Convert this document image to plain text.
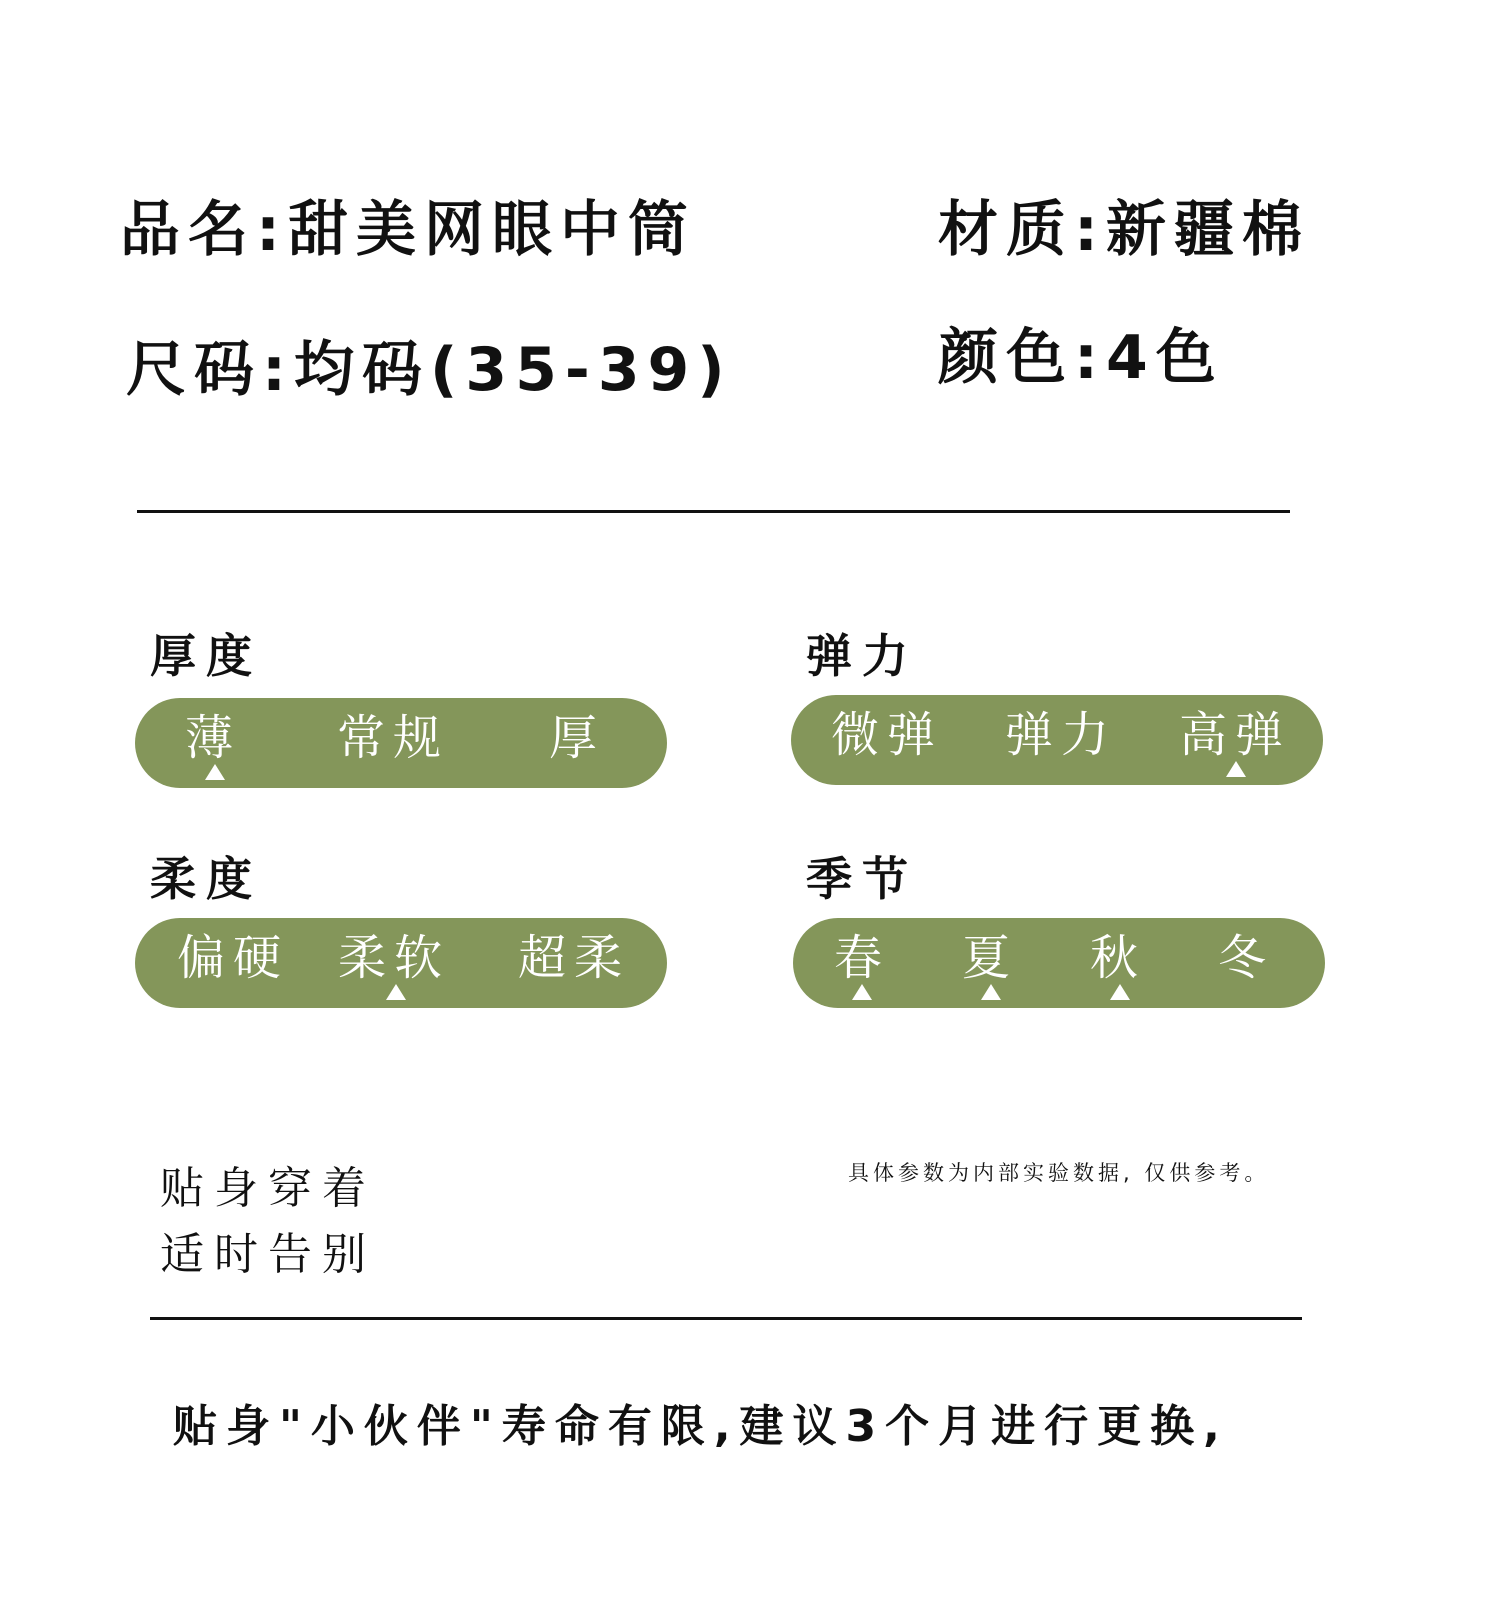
品名:甜美网眼中筒	材质:新疆棉
尺码:均码(35-39)	颜色:4色
厚度
薄 常规 厚
弹力
微弹 弹力 高弹
柔度
偏硬 柔软 超柔
季节
春 夏 秋 冬
贴身穿着
适时告别
具体参数为内部实验数据, 仅供参考。
贴身"小伙伴"寿命有限,建议3个月进行更换,
